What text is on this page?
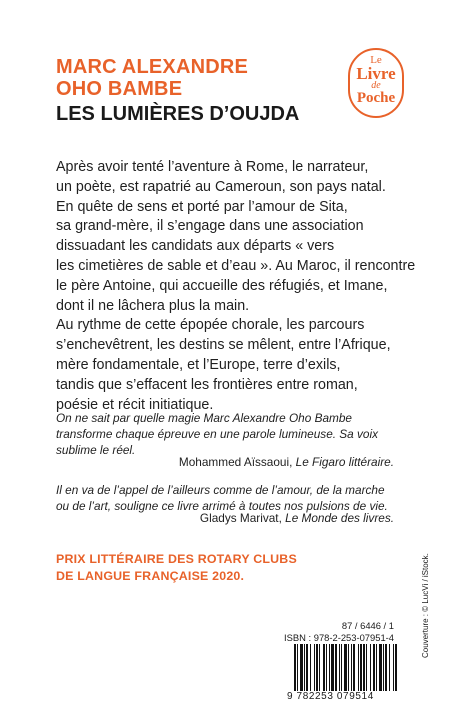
MARC ALEXANDRE
OHO BAMBE
LES LUMIÈRES D’OUJDA
Le
Livre
de
Poche
Après avoir tenté l’aventure à Rome, le narrateur,
un poète, est rapatrié au Cameroun, son pays natal.
En quête de sens et porté par l’amour de Sita,
sa grand-mère, il s’engage dans une association
dissuadant les candidats aux départs « vers
les cimetières de sable et d’eau ». Au Maroc, il rencontre
le père Antoine, qui accueille des réfugiés, et Imane,
dont il ne lâchera plus la main.
Au rythme de cette épopée chorale, les parcours
s’enchevêtrent, les destins se mêlent, entre l’Afrique,
mère fondamentale, et l’Europe, terre d’exils,
tandis que s’effacent les frontières entre roman,
poésie et récit initiatique.
On ne sait par quelle magie Marc Alexandre Oho Bambe
transforme chaque épreuve en une parole lumineuse. Sa voix
sublime le réel.
Mohammed Aïssaoui, Le Figaro littéraire.
Il en va de l’appel de l’ailleurs comme de l’amour, de la marche
ou de l’art, souligne ce livre arrimé à toutes nos pulsions de vie.
Gladys Marivat, Le Monde des livres.
PRIX LITTÉRAIRE DES ROTARY CLUBS
DE LANGUE FRANÇAISE 2020.
87 / 6446 / 1
ISBN : 978-2-253-07951-4	Couverture : © LucVi / iStock.
9 782253 079514
